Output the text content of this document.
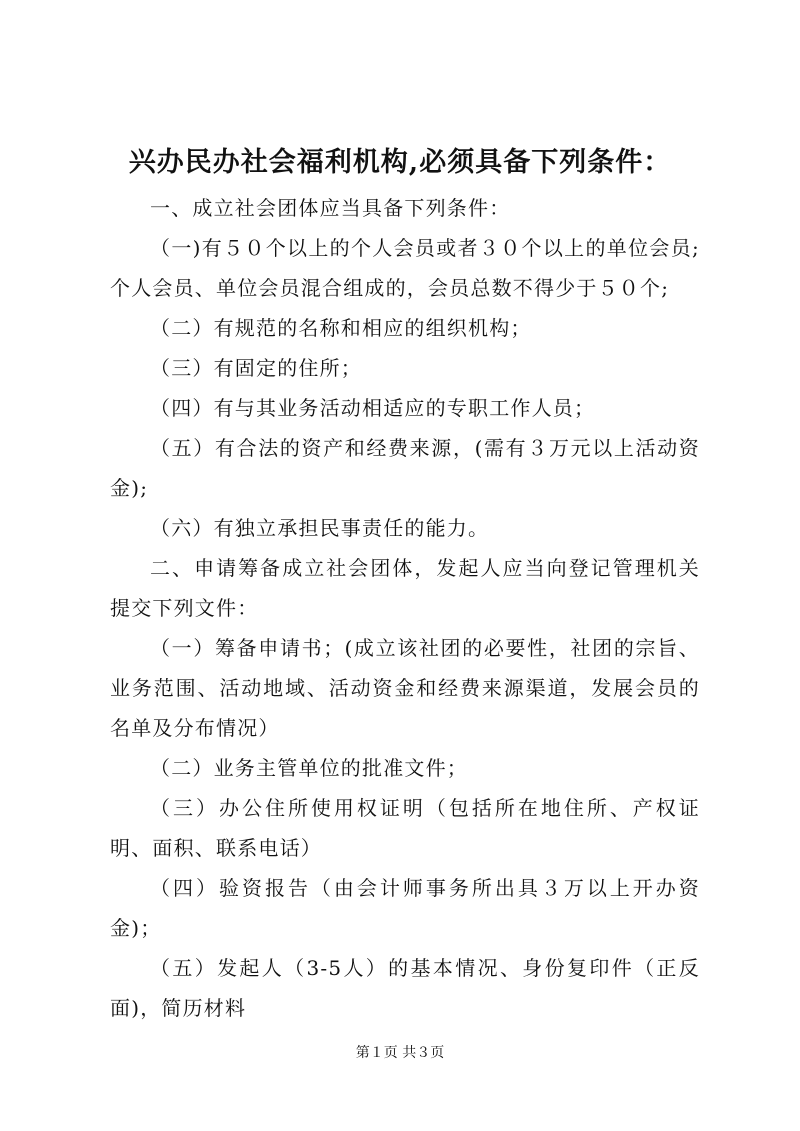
兴办民办社会福利机构,必须具备下列条件：

一、成立社会团体应当具备下列条件：

（一)有５０个以上的个人会员或者３０个以上的单位会员;个人会员、单位会员混合组成的，会员总数不得少于５０个;

（二）有规范的名称和相应的组织机构；

（三）有固定的住所；

（四）有与其业务活动相适应的专职工作人员；

（五）有合法的资产和经费来源，(需有３万元以上活动资金);

（六）有独立承担民事责任的能力。

二、申请筹备成立社会团体，发起人应当向登记管理机关提交下列文件：

（一）筹备申请书；(成立该社团的必要性，社团的宗旨、业务范围、活动地域、活动资金和经费来源渠道，发展会员的名单及分布情况）

（二）业务主管单位的批准文件；

（三）办公住所使用权证明（包括所在地住所、产权证明、面积、联系电话）

（四）验资报告（由会计师事务所出具３万以上开办资金)；

（五）发起人（3-5人）的基本情况、身份复印件（正反面)，简历材料

第１页 共３页
